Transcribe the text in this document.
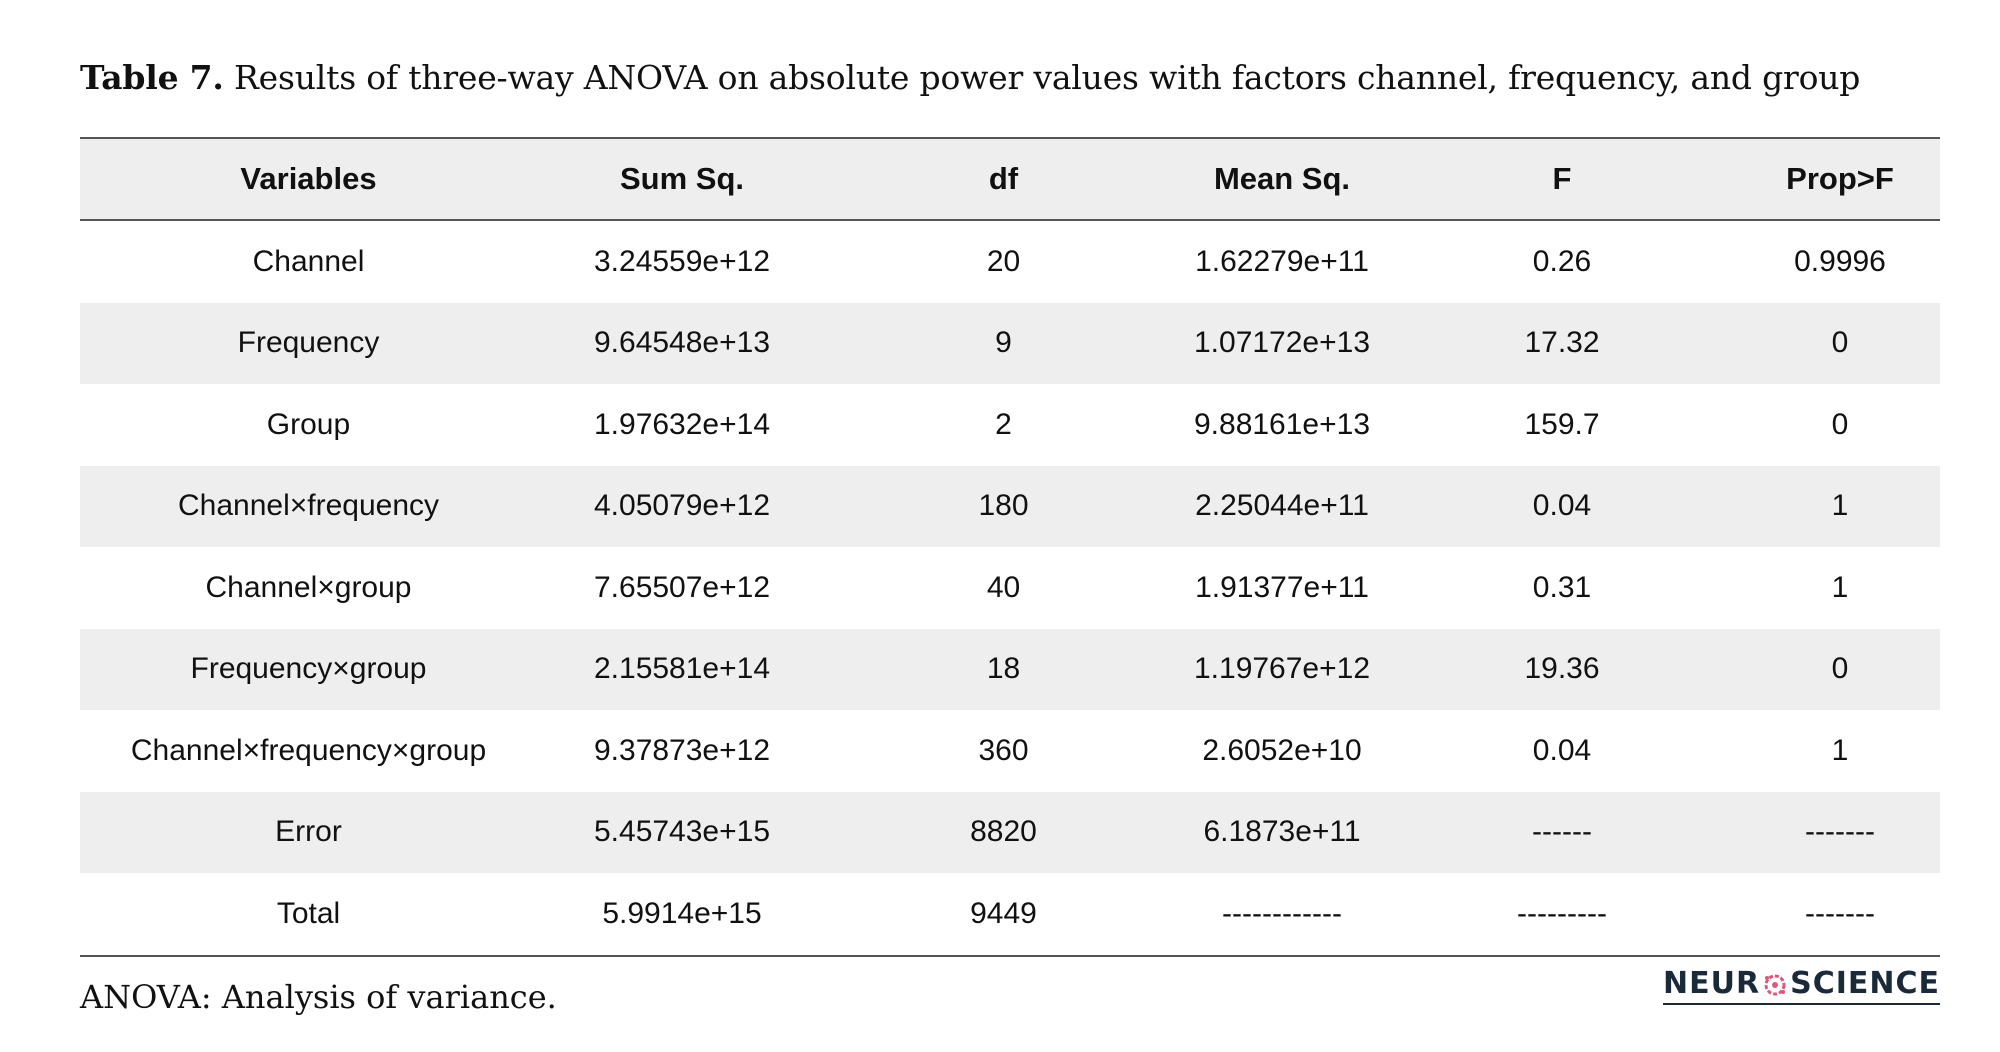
Table 7. Results of three-way ANOVA on absolute power values with factors channel, frequency, and group
Variables	Sum Sq.	df	Mean Sq.	F	Prop>F
Channel	3.24559e+12	20	1.62279e+11	0.26	0.9996
Frequency	9.64548e+13	9	1.07172e+13	17.32	0
Group	1.97632e+14	2	9.88161e+13	159.7	0
Channel×frequency	4.05079e+12	180	2.25044e+11	0.04	1
Channel×group	7.65507e+12	40	1.91377e+11	0.31	1
Frequency×group	2.15581e+14	18	1.19767e+12	19.36	0
Channel×frequency×group	9.37873e+12	360	2.6052e+10	0.04	1
Error	5.45743e+15	8820	6.1873e+11	------	-------
Total	5.9914e+15	9449	------------	---------	-------
ANOVA: Analysis of variance.	NEUR SCIENCE
